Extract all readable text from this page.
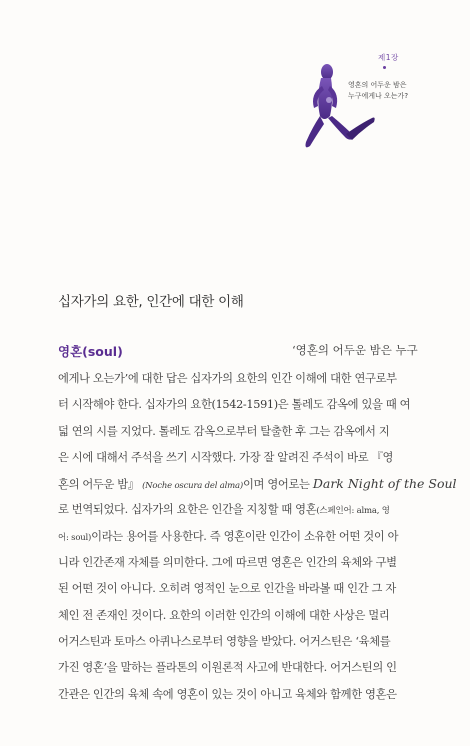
제1장
영혼의 어두운 밤은
누구에게나 오는가?
십자가의 요한, 인간에 대한 이해
영혼(soul)	‘영혼의 어두운 밤은 누구
에게나 오는가’에 대한 답은 십자가의 요한의 인간 이해에 대한 연구로부
터 시작해야 한다. 십자가의 요한(1542-1591)은 톨레도 감옥에 있을 때 여
덟 연의 시를 지었다. 톨레도 감옥으로부터 탈출한 후 그는 감옥에서 지
은 시에 대해서 주석을 쓰기 시작했다. 가장 잘 알려진 주석이 바로 『영
혼의 어두운 밤』 (Noche oscura del alma)이며 영어로는 Dark Night of the Soul
로 번역되었다. 십자가의 요한은 인간을 지칭할 때 영혼(스페인어: alma, 영
어: soul)이라는 용어를 사용한다. 즉 영혼이란 인간이 소유한 어떤 것이 아
니라 인간존재 자체를 의미한다. 그에 따르면 영혼은 인간의 육체와 구별
된 어떤 것이 아니다. 오히려 영적인 눈으로 인간을 바라볼 때 인간 그 자
체인 전 존재인 것이다. 요한의 이러한 인간의 이해에 대한 사상은 멀리
어거스틴과 토마스 아퀴나스로부터 영향을 받았다. 어거스틴은 ‘육체를
가진 영혼’을 말하는 플라톤의 이원론적 사고에 반대한다. 어거스틴의 인
간관은 인간의 육체 속에 영혼이 있는 것이 아니고 육체와 함께한 영혼은
